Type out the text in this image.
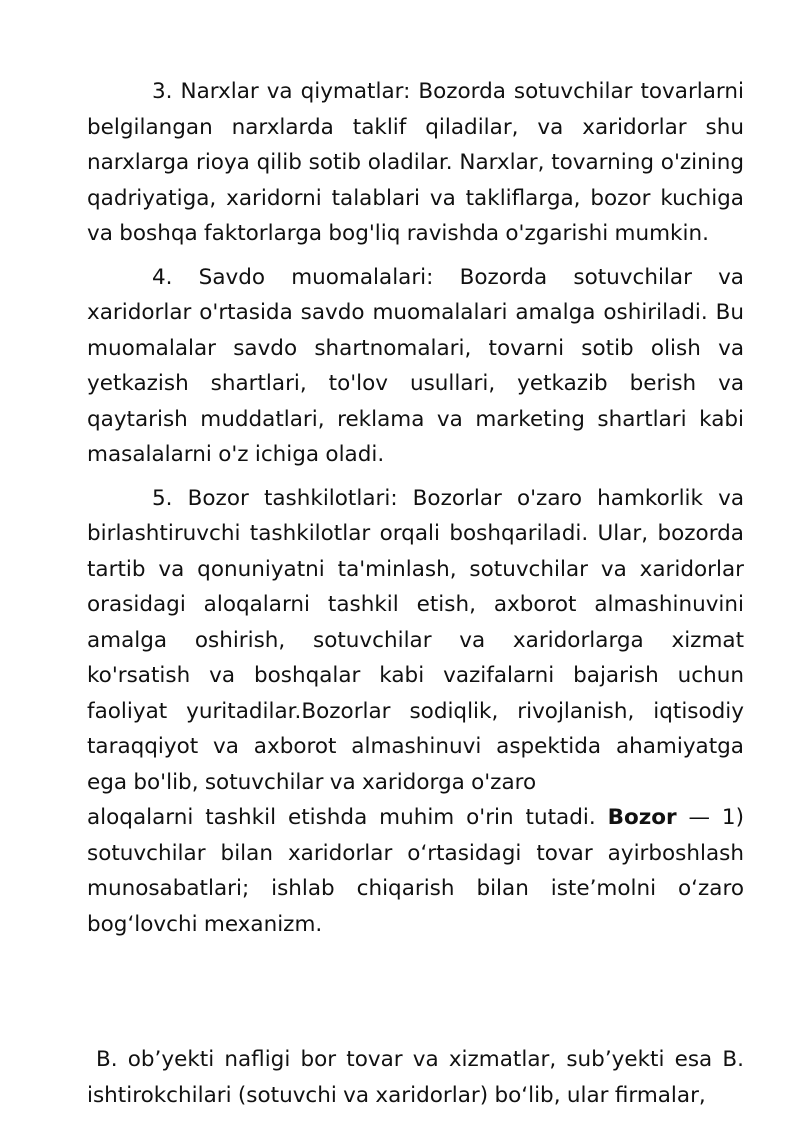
3. Narxlar va qiymatlar: Bozorda sotuvchilar tovarlarni belgilangan narxlarda taklif qiladilar, va xaridorlar shu narxlarga rioya qilib sotib oladilar. Narxlar, tovarning o'zining qadriyatiga, xaridorni talablari va takliflarga, bozor kuchiga va boshqa faktorlarga bog'liq ravishda o'zgarishi mumkin.

4. Savdo muomalalari: Bozorda sotuvchilar va xaridorlar o'rtasida savdo muomalalari amalga oshiriladi. Bu muomalalar savdo shartnomalari, tovarni sotib olish va yetkazish shartlari, to'lov usullari, yetkazib berish va qaytarish muddatlari, reklama va marketing shartlari kabi masalalarni o'z ichiga oladi.

5. Bozor tashkilotlari: Bozorlar o'zaro hamkorlik va birlashtiruvchi tashkilotlar orqali boshqariladi. Ular, bozorda tartib va qonuniyatni ta'minlash, sotuvchilar va xaridorlar orasidagi aloqalarni tashkil etish, axborot almashinuvini amalga oshirish, sotuvchilar va xaridorlarga xizmat ko'rsatish va boshqalar kabi vazifalarni bajarish uchun faoliyat yuritadilar.Bozorlar sodiqlik, rivojlanish, iqtisodiy taraqqiyot va axborot almashinuvi aspektida ahamiyatga ega bo'lib, sotuvchilar va xaridorga o'zaro

aloqalarni tashkil etishda muhim o'rin tutadi. Bozor — 1) sotuvchilar bilan xaridorlar o‘rtasidagi tovar ayirboshlash munosabatlari; ishlab chiqarish bilan iste’molni o‘zaro bog‘lovchi mexanizm.

B. ob’yekti nafligi bor tovar va xizmatlar, sub’yekti esa B. ishtirokchilari (sotuvchi va xaridorlar) bo‘lib, ular firmalar,
